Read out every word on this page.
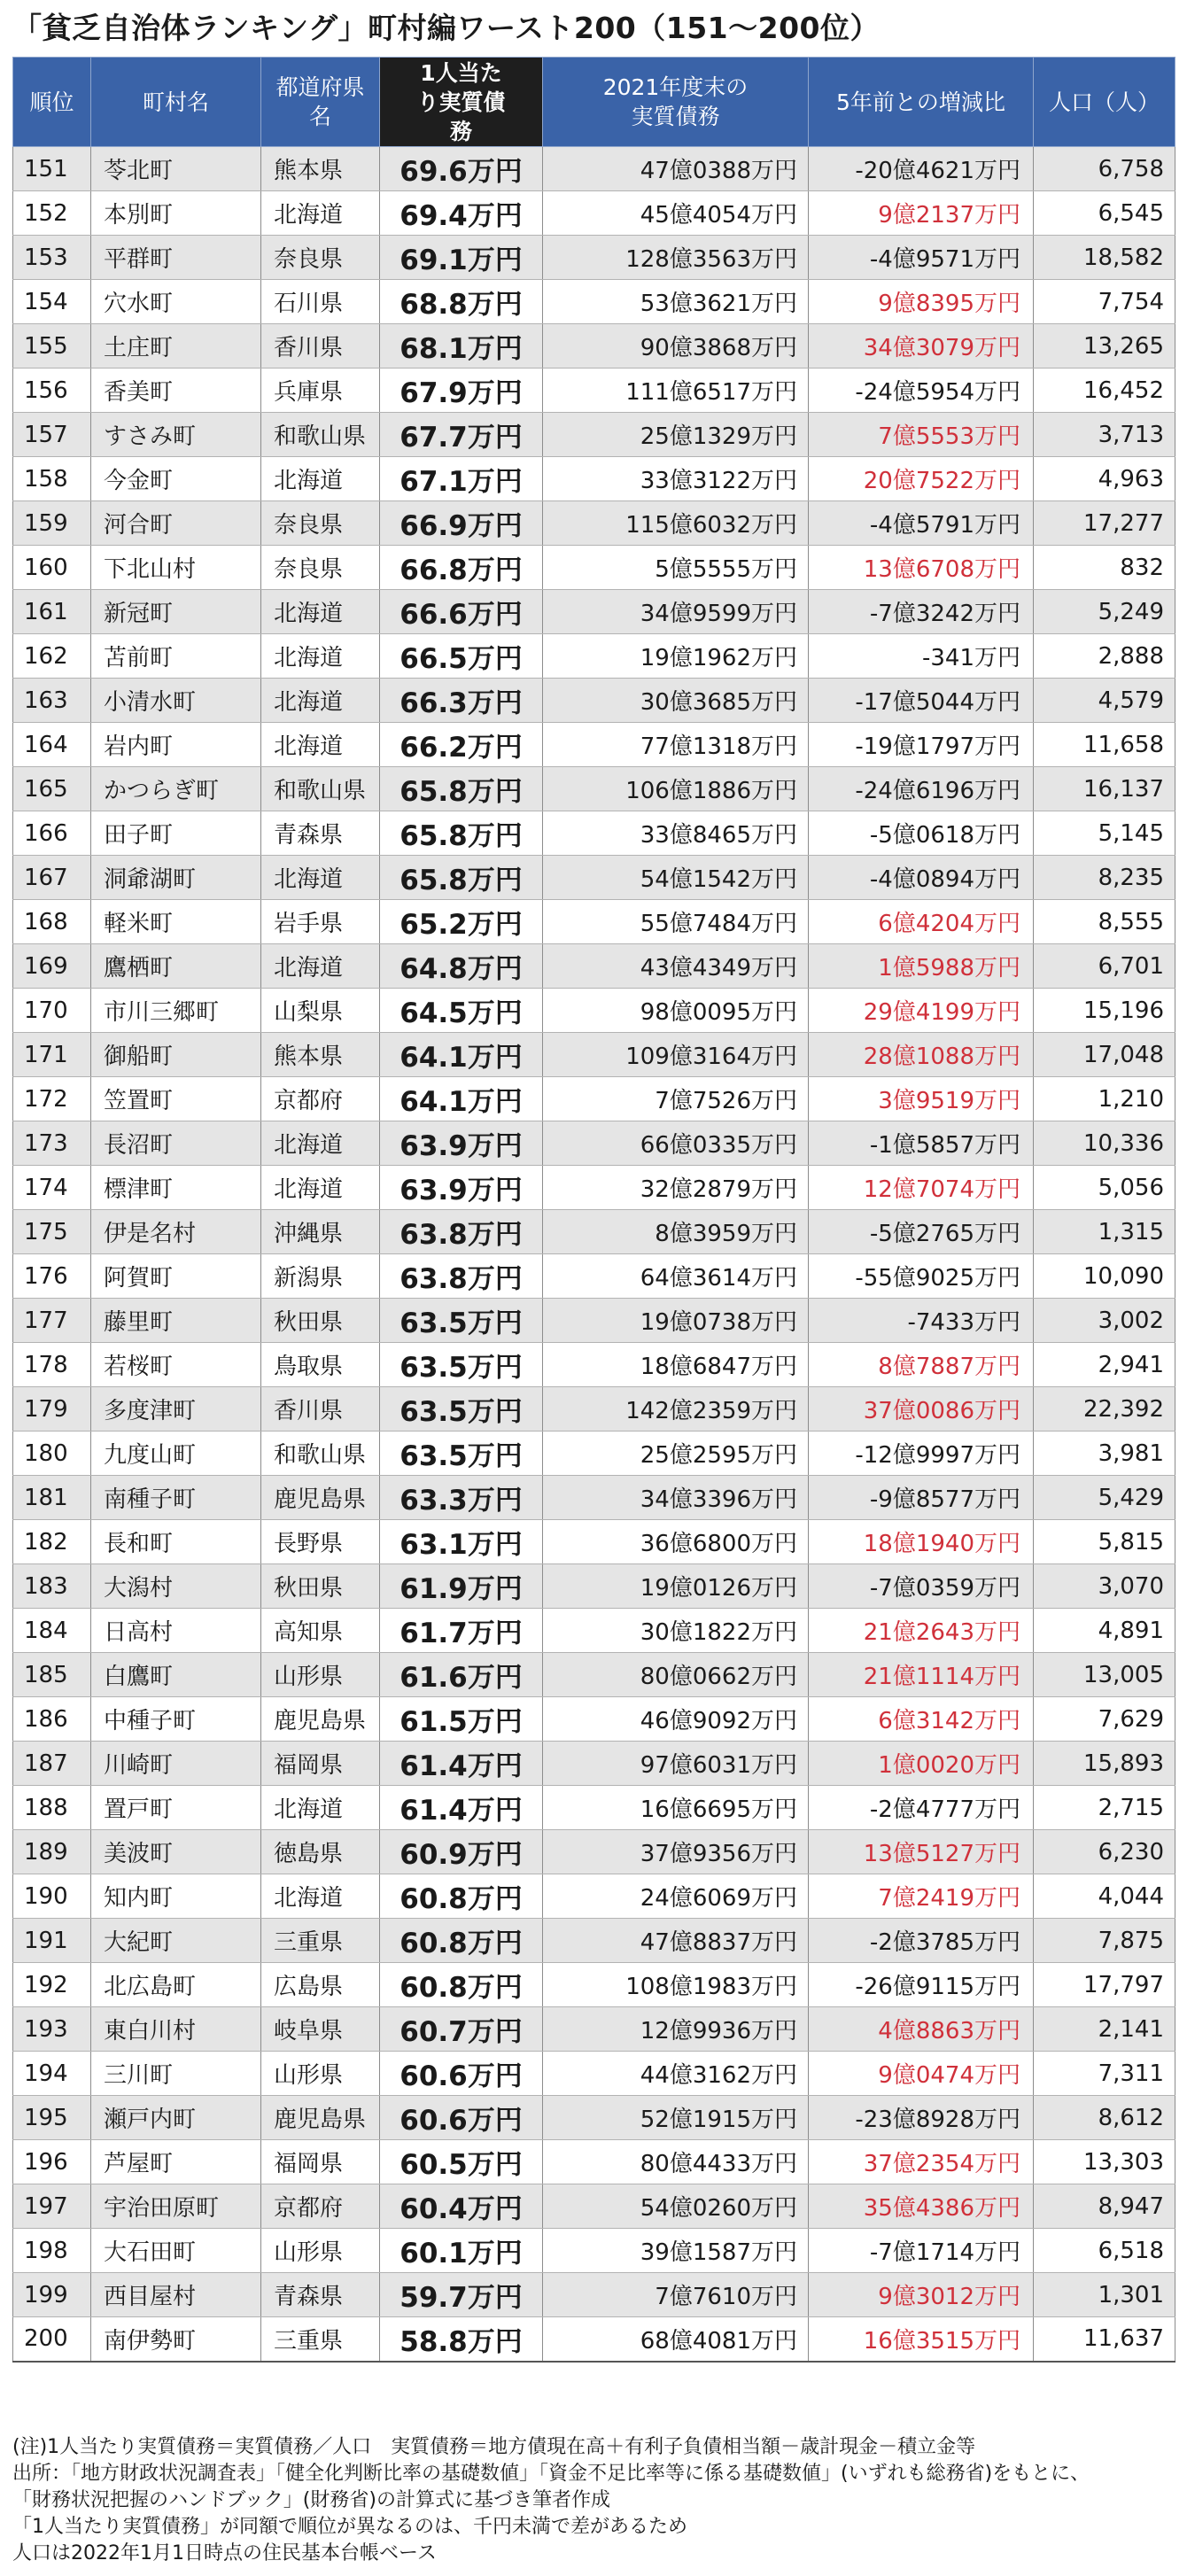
「貧乏自治体ランキング」町村編ワースト200（151〜200位）
順位	町村名	都道府県名	1人当たり実質債務	2021年度末の実質債務	5年前との増減比	人口（人）
151	苓北町	熊本県	69.6万円	47億0388万円	-20億4621万円	6,758
152	本別町	北海道	69.4万円	45億4054万円	9億2137万円	6,545
153	平群町	奈良県	69.1万円	128億3563万円	-4億9571万円	18,582
154	穴水町	石川県	68.8万円	53億3621万円	9億8395万円	7,754
155	土庄町	香川県	68.1万円	90億3868万円	34億3079万円	13,265
156	香美町	兵庫県	67.9万円	111億6517万円	-24億5954万円	16,452
157	すさみ町	和歌山県	67.7万円	25億1329万円	7億5553万円	3,713
158	今金町	北海道	67.1万円	33億3122万円	20億7522万円	4,963
159	河合町	奈良県	66.9万円	115億6032万円	-4億5791万円	17,277
160	下北山村	奈良県	66.8万円	5億5555万円	13億6708万円	832
161	新冠町	北海道	66.6万円	34億9599万円	-7億3242万円	5,249
162	苫前町	北海道	66.5万円	19億1962万円	-341万円	2,888
163	小清水町	北海道	66.3万円	30億3685万円	-17億5044万円	4,579
164	岩内町	北海道	66.2万円	77億1318万円	-19億1797万円	11,658
165	かつらぎ町	和歌山県	65.8万円	106億1886万円	-24億6196万円	16,137
166	田子町	青森県	65.8万円	33億8465万円	-5億0618万円	5,145
167	洞爺湖町	北海道	65.8万円	54億1542万円	-4億0894万円	8,235
168	軽米町	岩手県	65.2万円	55億7484万円	6億4204万円	8,555
169	鷹栖町	北海道	64.8万円	43億4349万円	1億5988万円	6,701
170	市川三郷町	山梨県	64.5万円	98億0095万円	29億4199万円	15,196
171	御船町	熊本県	64.1万円	109億3164万円	28億1088万円	17,048
172	笠置町	京都府	64.1万円	7億7526万円	3億9519万円	1,210
173	長沼町	北海道	63.9万円	66億0335万円	-1億5857万円	10,336
174	標津町	北海道	63.9万円	32億2879万円	12億7074万円	5,056
175	伊是名村	沖縄県	63.8万円	8億3959万円	-5億2765万円	1,315
176	阿賀町	新潟県	63.8万円	64億3614万円	-55億9025万円	10,090
177	藤里町	秋田県	63.5万円	19億0738万円	-7433万円	3,002
178	若桜町	鳥取県	63.5万円	18億6847万円	8億7887万円	2,941
179	多度津町	香川県	63.5万円	142億2359万円	37億0086万円	22,392
180	九度山町	和歌山県	63.5万円	25億2595万円	-12億9997万円	3,981
181	南種子町	鹿児島県	63.3万円	34億3396万円	-9億8577万円	5,429
182	長和町	長野県	63.1万円	36億6800万円	18億1940万円	5,815
183	大潟村	秋田県	61.9万円	19億0126万円	-7億0359万円	3,070
184	日高村	高知県	61.7万円	30億1822万円	21億2643万円	4,891
185	白鷹町	山形県	61.6万円	80億0662万円	21億1114万円	13,005
186	中種子町	鹿児島県	61.5万円	46億9092万円	6億3142万円	7,629
187	川崎町	福岡県	61.4万円	97億6031万円	1億0020万円	15,893
188	置戸町	北海道	61.4万円	16億6695万円	-2億4777万円	2,715
189	美波町	徳島県	60.9万円	37億9356万円	13億5127万円	6,230
190	知内町	北海道	60.8万円	24億6069万円	7億2419万円	4,044
191	大紀町	三重県	60.8万円	47億8837万円	-2億3785万円	7,875
192	北広島町	広島県	60.8万円	108億1983万円	-26億9115万円	17,797
193	東白川村	岐阜県	60.7万円	12億9936万円	4億8863万円	2,141
194	三川町	山形県	60.6万円	44億3162万円	9億0474万円	7,311
195	瀬戸内町	鹿児島県	60.6万円	52億1915万円	-23億8928万円	8,612
196	芦屋町	福岡県	60.5万円	80億4433万円	37億2354万円	13,303
197	宇治田原町	京都府	60.4万円	54億0260万円	35億4386万円	8,947
198	大石田町	山形県	60.1万円	39億1587万円	-7億1714万円	6,518
199	西目屋村	青森県	59.7万円	7億7610万円	9億3012万円	1,301
200	南伊勢町	三重県	58.8万円	68億4081万円	16億3515万円	11,637
(注)1人当たり実質債務＝実質債務／人口　実質債務＝地方債現在高＋有利子負債相当額－歳計現金－積立金等
出所：「地方財政状況調査表」「健全化判断比率の基礎数値」「資金不足比率等に係る基礎数値」(いずれも総務省)をもとに、
「財務状況把握のハンドブック」(財務省)の計算式に基づき筆者作成
「1人当たり実質債務」が同額で順位が異なるのは、千円未満で差があるため
人口は2022年1月1日時点の住民基本台帳ベース
